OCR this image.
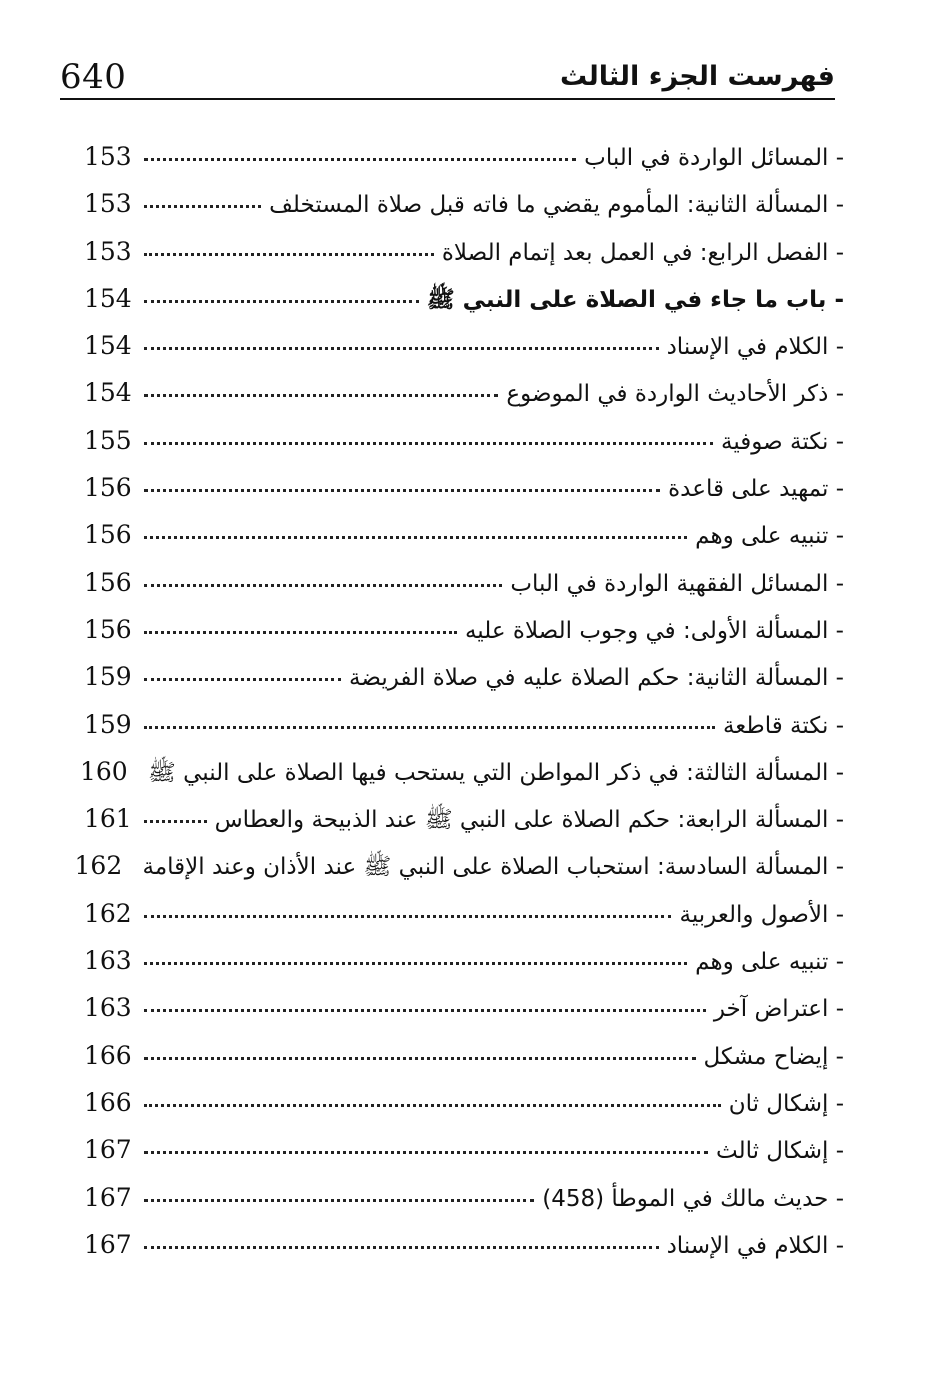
640	فهرست الجزء الثالث
- المسائل الواردة في الباب
153
- المسألة الثانية: المأموم يقضي ما فاته قبل صلاة المستخلف
153
- الفصل الرابع: في العمل بعد إتمام الصلاة
153
- باب ما جاء في الصلاة على النبي ﷺ
154
- الكلام في الإسناد
154
- ذكر الأحاديث الواردة في الموضوع
154
- نكتة صوفية
155
- تمهيد على قاعدة
156
- تنبيه على وهم
156
- المسائل الفقهية الواردة في الباب
156
- المسألة الأولى: في وجوب الصلاة عليه
156
- المسألة الثانية: حكم الصلاة عليه في صلاة الفريضة
159
- نكتة قاطعة
159
- المسألة الثالثة: في ذكر المواطن التي يستحب فيها الصلاة على النبي ﷺ
160
- المسألة الرابعة: حكم الصلاة على النبي ﷺ عند الذبيحة والعطاس
161
- المسألة السادسة: استحباب الصلاة على النبي ﷺ عند الأذان وعند الإقامة
162
- الأصول والعربية
162
- تنبيه على وهم
163
- اعتراض آخر
163
- إيضاح مشكل
166
- إشكال ثان
166
- إشكال ثالث
167
- حديث مالك في الموطأ (458)
167
- الكلام في الإسناد
167
